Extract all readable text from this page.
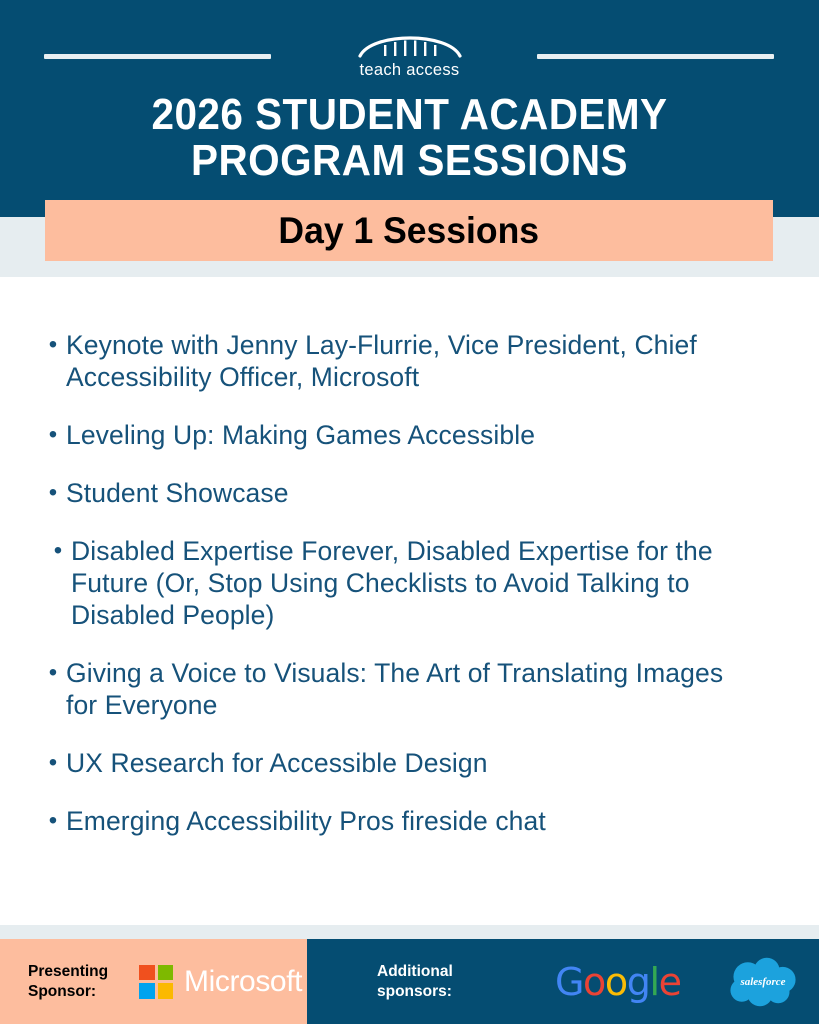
teach access
2026 STUDENT ACADEMY
PROGRAM SESSIONS
Day 1 Sessions
• Keynote with Jenny Lay-Flurrie, Vice President, Chief Accessibility Officer, Microsoft
• Leveling Up: Making Games Accessible
• Student Showcase
• Disabled Expertise Forever, Disabled Expertise for the Future (Or, Stop Using Checklists to Avoid Talking to Disabled People)
• Giving a Voice to Visuals: The Art of Translating Images for Everyone
• UX Research for Accessible Design
• Emerging Accessibility Pros fireside chat
Presenting
Sponsor:	Microsoft	Additional
sponsors:	Google	salesforce
